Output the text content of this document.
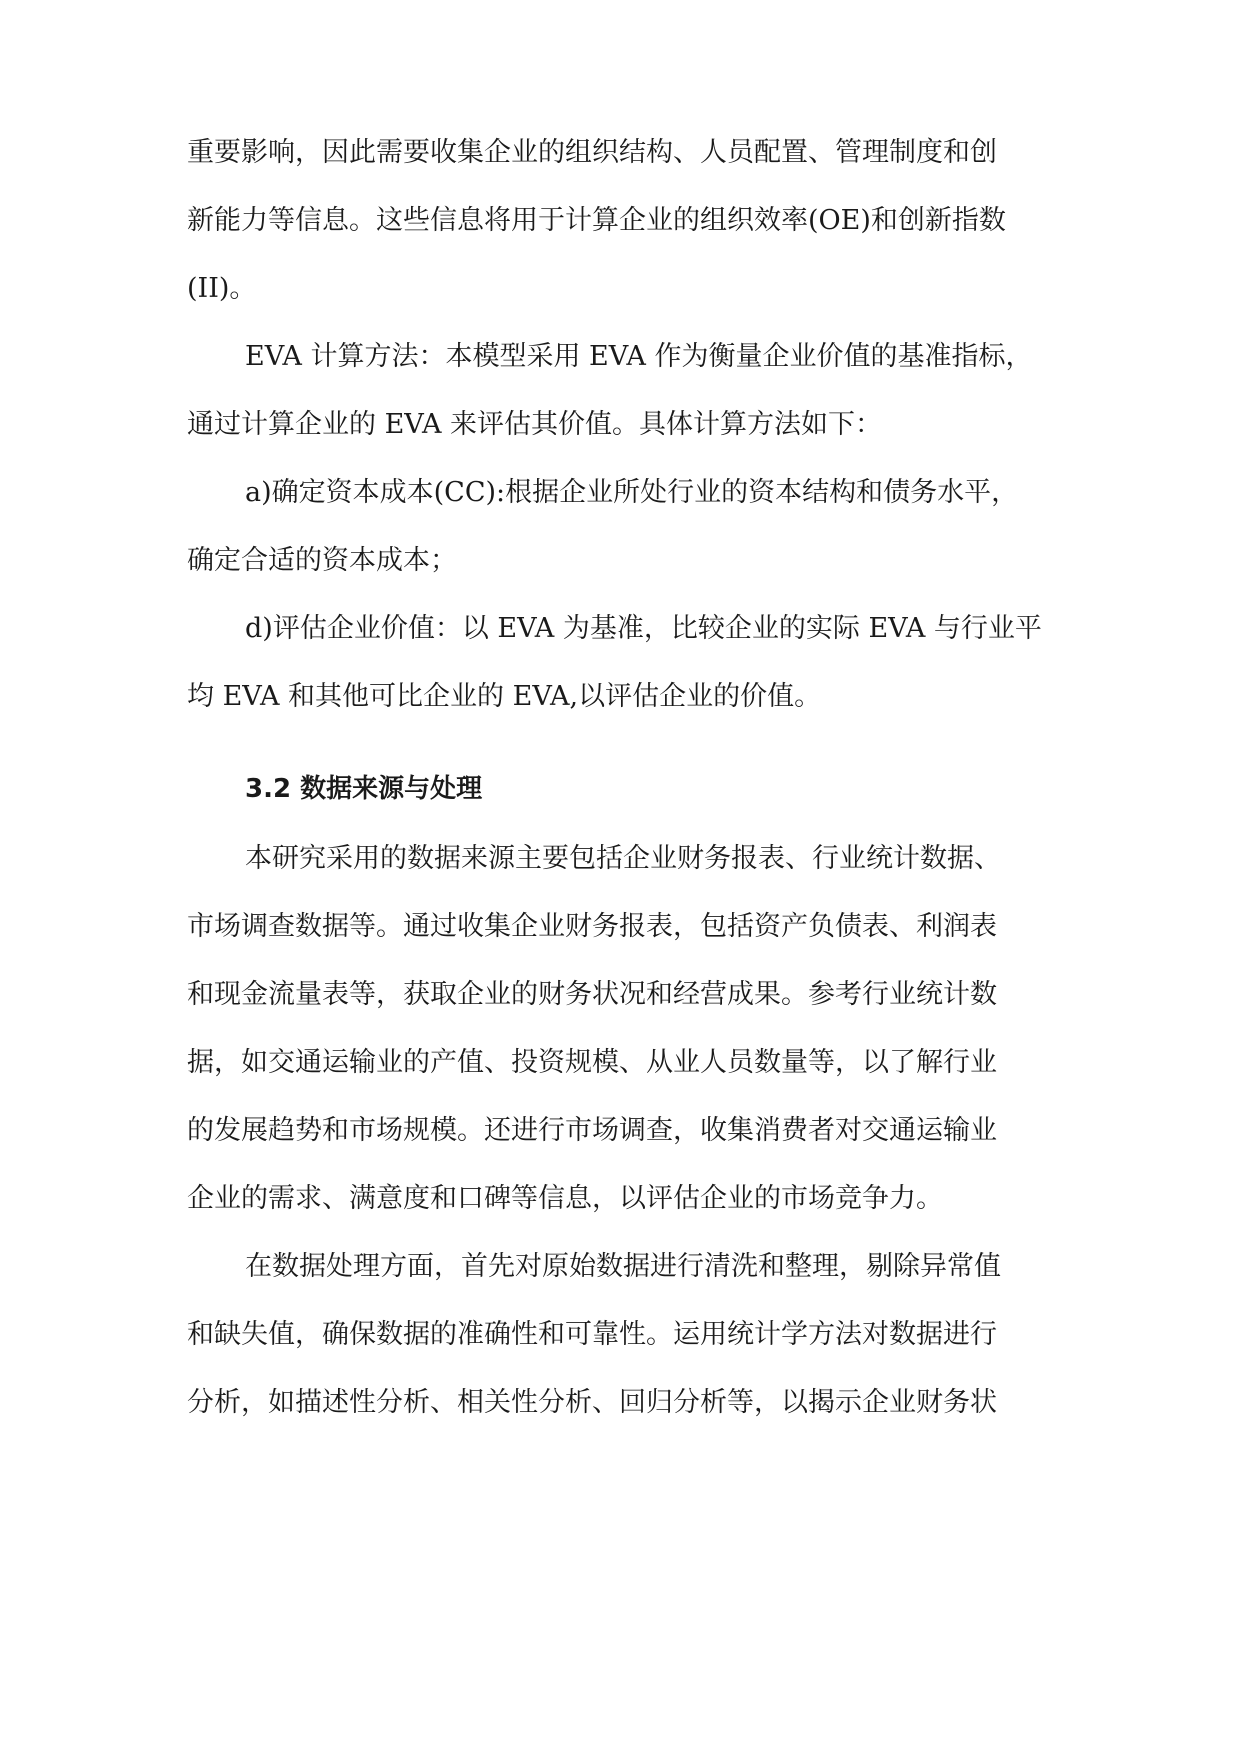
重要影响，因此需要收集企业的组织结构、人员配置、管理制度和创
新能力等信息。这些信息将用于计算企业的组织效率(OE)和创新指数
(II)。
EVA 计算方法：本模型采用 EVA 作为衡量企业价值的基准指标，
通过计算企业的 EVA 来评估其价值。具体计算方法如下：
a)确定资本成本(CC):根据企业所处行业的资本结构和债务水平，
确定合适的资本成本；
d)评估企业价值：以 EVA 为基准，比较企业的实际 EVA 与行业平
均 EVA 和其他可比企业的 EVA,以评估企业的价值。
3.2 数据来源与处理
本研究采用的数据来源主要包括企业财务报表、行业统计数据、
市场调查数据等。通过收集企业财务报表，包括资产负债表、利润表
和现金流量表等，获取企业的财务状况和经营成果。参考行业统计数
据，如交通运输业的产值、投资规模、从业人员数量等，以了解行业
的发展趋势和市场规模。还进行市场调查，收集消费者对交通运输业
企业的需求、满意度和口碑等信息，以评估企业的市场竞争力。
在数据处理方面，首先对原始数据进行清洗和整理，剔除异常值
和缺失值，确保数据的准确性和可靠性。运用统计学方法对数据进行
分析，如描述性分析、相关性分析、回归分析等，以揭示企业财务状
